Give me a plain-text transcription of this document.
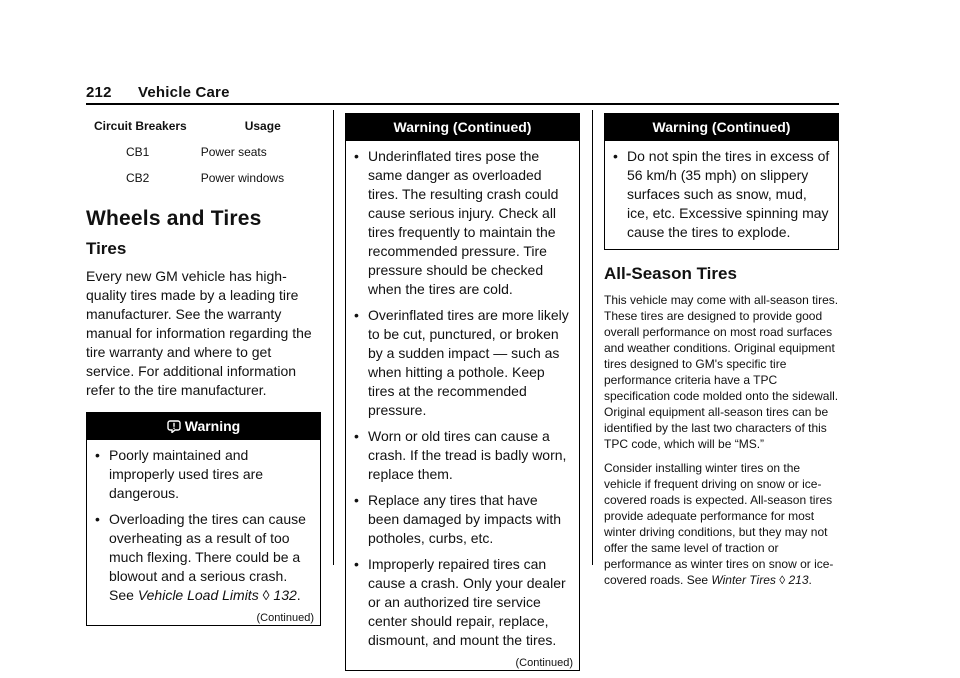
212 Vehicle Care
Circuit Breakers	Usage
CB1	Power seats
CB2	Power windows
Wheels and Tires
Tires

Every new GM vehicle has high-quality tires made by a leading tire manufacturer. See the warranty manual for information regarding the tire warranty and where to get service. For additional information refer to the tire manufacturer.

Warning
• Poorly maintained and improperly used tires are dangerous.
• Overloading the tires can cause overheating as a result of too much flexing. There could be a blowout and a serious crash. See Vehicle Load Limits ◊ 132.
(Continued)
Warning (Continued)
• Underinflated tires pose the same danger as overloaded tires. The resulting crash could cause serious injury. Check all tires frequently to maintain the recommended pressure. Tire pressure should be checked when the tires are cold.
• Overinflated tires are more likely to be cut, punctured, or broken by a sudden impact — such as when hitting a pothole. Keep tires at the recommended pressure.
• Worn or old tires can cause a crash. If the tread is badly worn, replace them.
• Replace any tires that have been damaged by impacts with potholes, curbs, etc.
• Improperly repaired tires can cause a crash. Only your dealer or an authorized tire service center should repair, replace, dismount, and mount the tires.
(Continued)
Warning (Continued)
• Do not spin the tires in excess of 56 km/h (35 mph) on slippery surfaces such as snow, mud, ice, etc. Excessive spinning may cause the tires to explode.
All-Season Tires

This vehicle may come with all-season tires. These tires are designed to provide good overall performance on most road surfaces and weather conditions. Original equipment tires designed to GM's specific tire performance criteria have a TPC specification code molded onto the sidewall. Original equipment all-season tires can be identified by the last two characters of this TPC code, which will be “MS.”

Consider installing winter tires on the vehicle if frequent driving on snow or ice-covered roads is expected. All-season tires provide adequate performance for most winter driving conditions, but they may not offer the same level of traction or performance as winter tires on snow or ice-covered roads. See Winter Tires ◊ 213.
